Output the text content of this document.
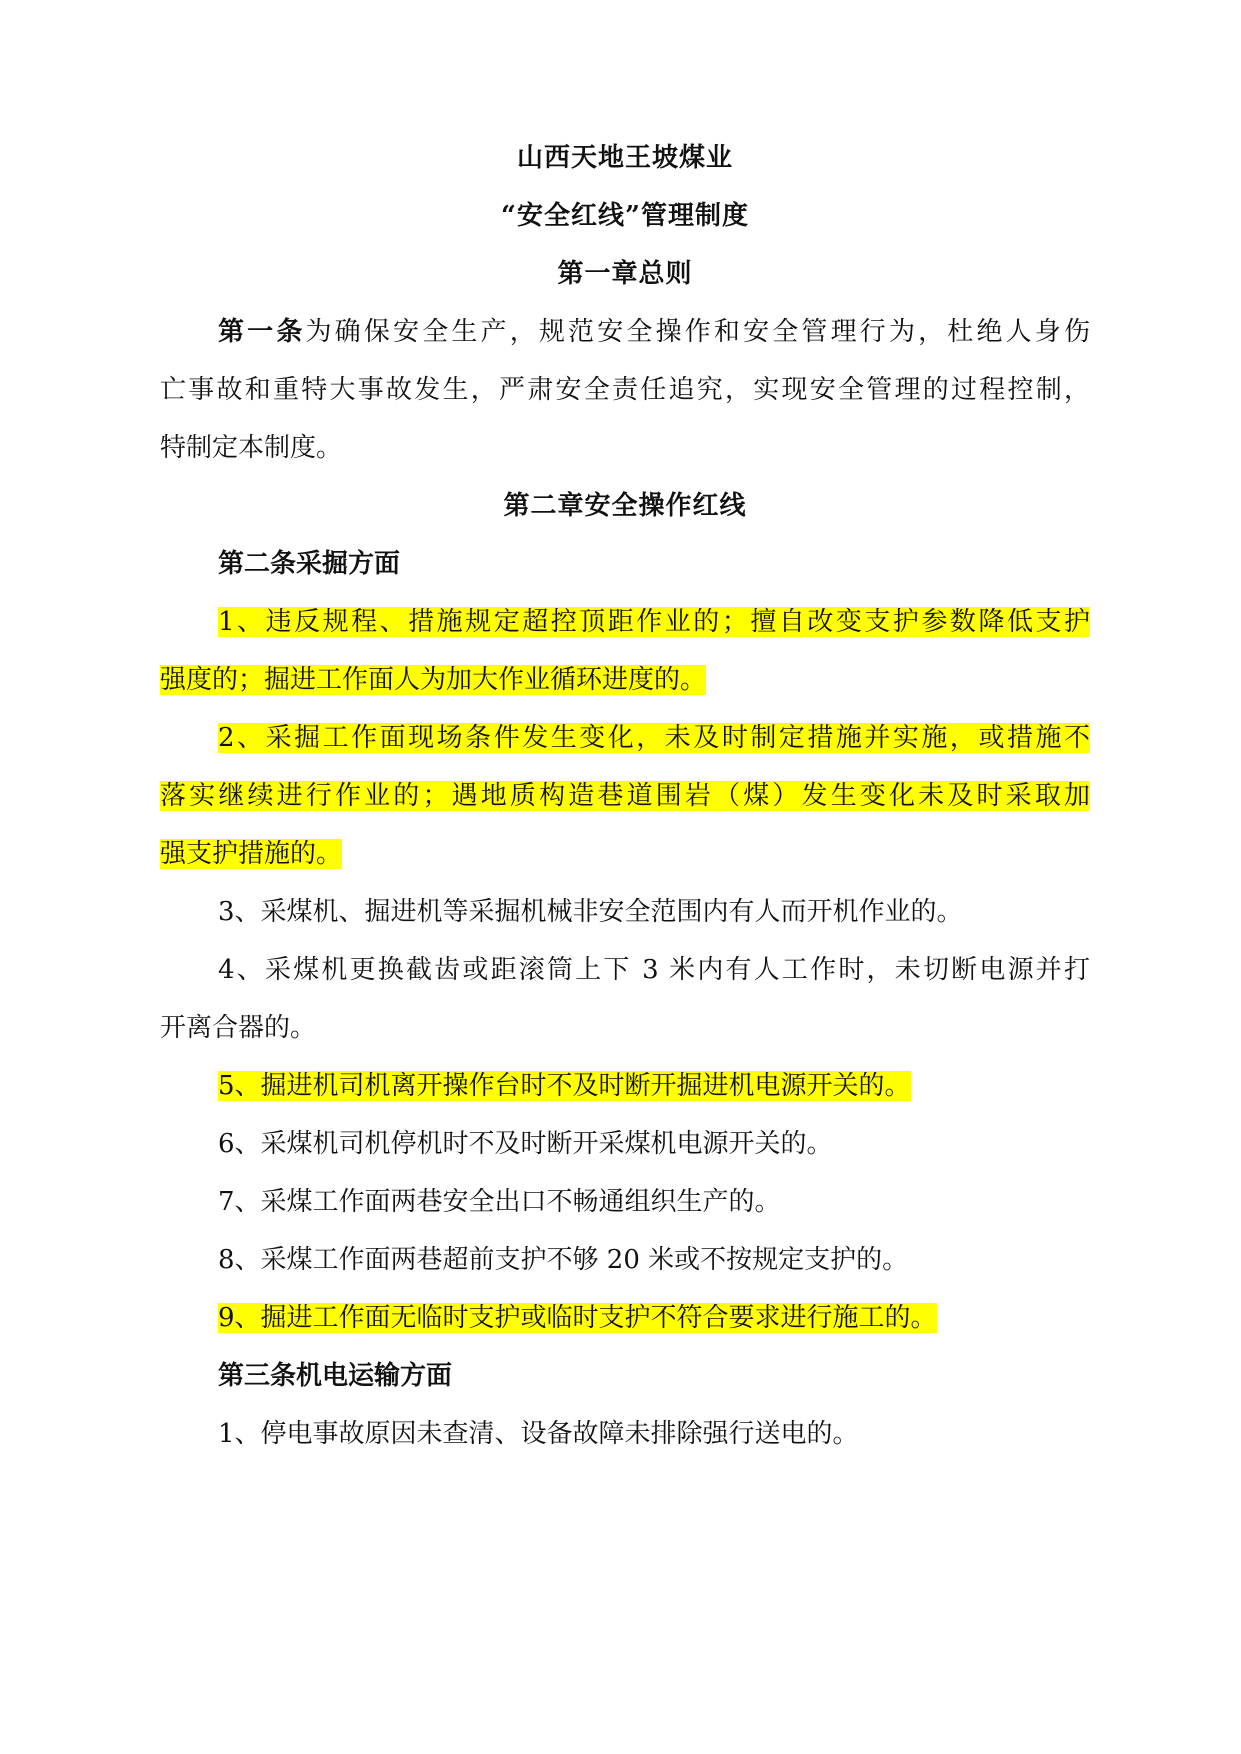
山西天地王坡煤业
“安全红线”管理制度
第一章总则
第一条为确保安全生产，规范安全操作和安全管理行为，杜绝人身伤
亡事故和重特大事故发生，严肃安全责任追究，实现安全管理的过程控制，
特制定本制度。
第二章安全操作红线
第二条采掘方面
1、违反规程、措施规定超控顶距作业的；擅自改变支护参数降低支护
强度的；掘进工作面人为加大作业循环进度的。
2、采掘工作面现场条件发生变化，未及时制定措施并实施，或措施不
落实继续进行作业的；遇地质构造巷道围岩（煤）发生变化未及时采取加
强支护措施的。
3、采煤机、掘进机等采掘机械非安全范围内有人而开机作业的。
4、采煤机更换截齿或距滚筒上下 3 米内有人工作时，未切断电源并打
开离合器的。
5、掘进机司机离开操作台时不及时断开掘进机电源开关的。
6、采煤机司机停机时不及时断开采煤机电源开关的。
7、采煤工作面两巷安全出口不畅通组织生产的。
8、采煤工作面两巷超前支护不够 20 米或不按规定支护的。
9、掘进工作面无临时支护或临时支护不符合要求进行施工的。
第三条机电运输方面
1、停电事故原因未查清、设备故障未排除强行送电的。
